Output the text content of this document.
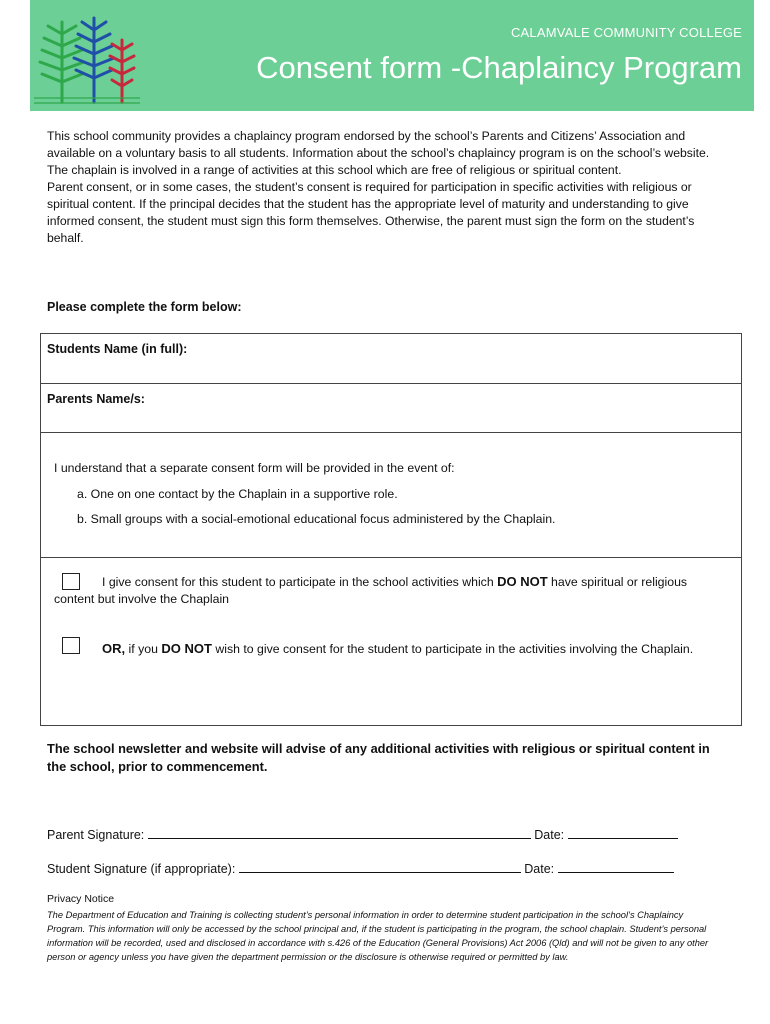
CALAMVALE COMMUNITY COLLEGE
Consent form -Chaplaincy Program

This school community provides a chaplaincy program endorsed by the school’s Parents and Citizens’ Association and available on a voluntary basis to all students. Information about the school’s chaplaincy program is on the school’s website. The chaplain is involved in a range of activities at this school which are free of religious or spiritual content.

Parent consent, or in some cases, the student’s consent is required for participation in specific activities with religious or spiritual content. If the principal decides that the student has the appropriate level of maturity and understanding to give informed consent, the student must sign this form themselves. Otherwise, the parent must sign the form on the student’s behalf.

Please complete the form below:
Students Name (in full):
Parents Name/s:
I understand that a separate consent form will be provided in the event of:
a. One on one contact by the Chaplain in a supportive role.
b. Small groups with a social-emotional educational focus administered by the Chaplain.
I give consent for this student to participate in the school activities which DO NOT have spiritual or religious content but involve the Chaplain
OR, if you DO NOT wish to give consent for the student to participate in the activities involving the Chaplain.
The school newsletter and website will advise of any additional activities with religious or spiritual content in the school, prior to commencement.
Parent Signature:	Date:
Student Signature (if appropriate):	Date:
Privacy Notice
The Department of Education and Training is collecting student’s personal information in order to determine student participation in the school’s Chaplaincy Program. This information will only be accessed by the school principal and, if the student is participating in the program, the school chaplain. Student’s personal information will be recorded, used and disclosed in accordance with s.426 of the Education (General Provisions) Act 2006 (Qld) and will not be given to any other person or agency unless you have given the department permission or the disclosure is otherwise required or permitted by law.
